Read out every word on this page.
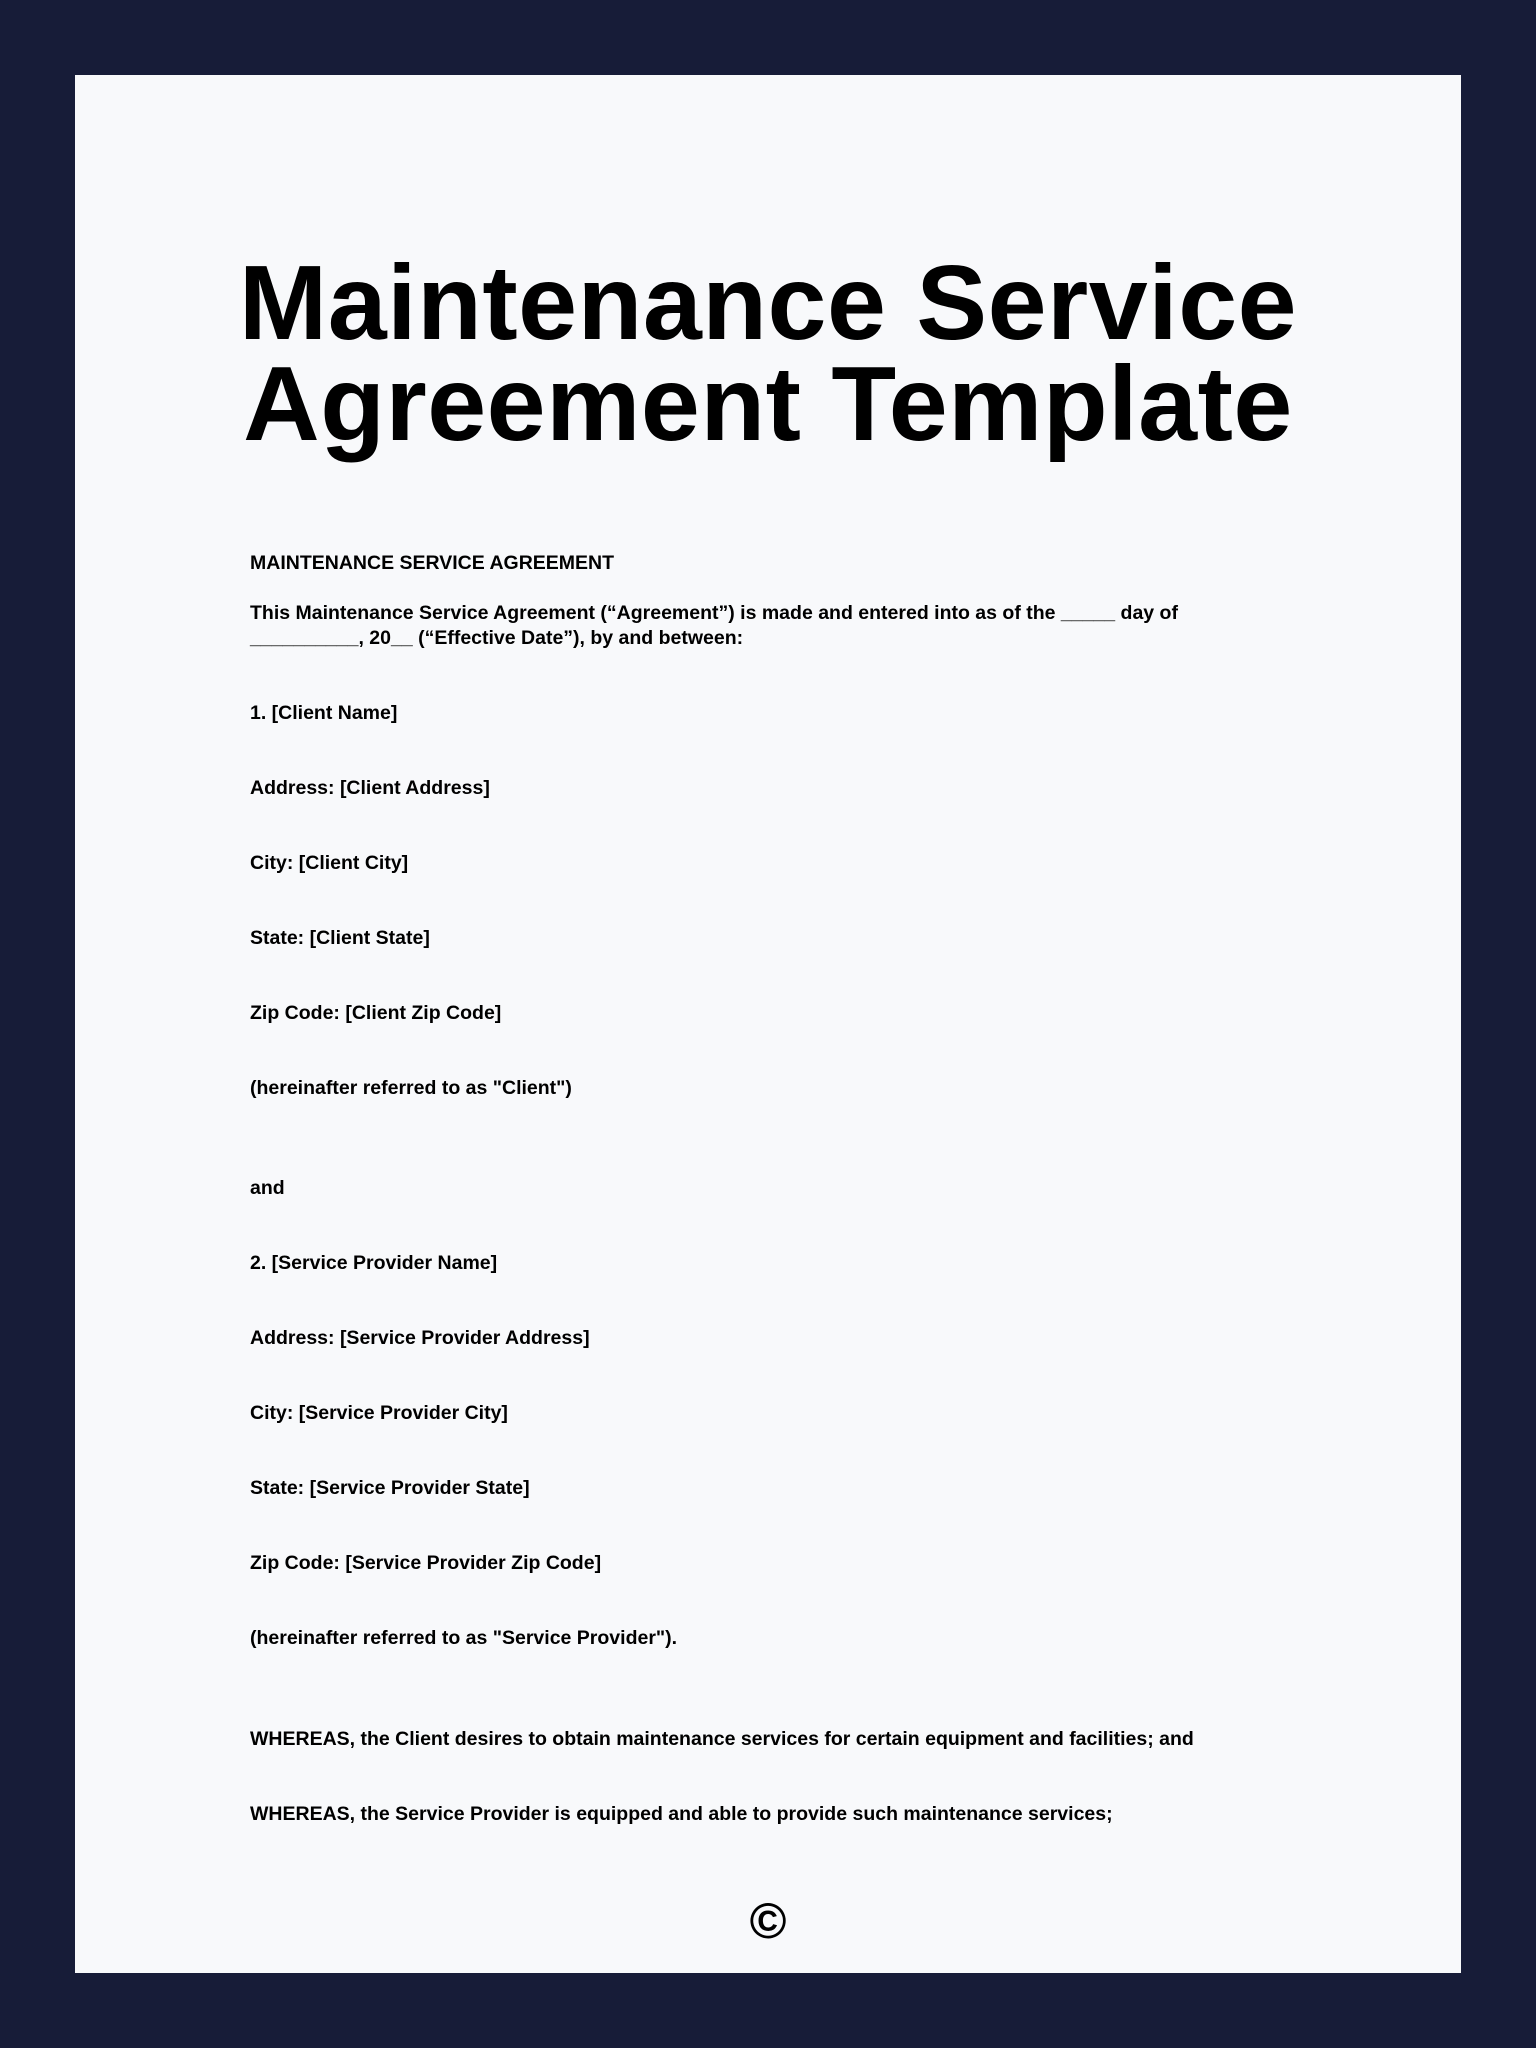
Maintenance Service
Agreement Template

MAINTENANCE SERVICE AGREEMENT

This Maintenance Service Agreement (“Agreement”) is made and entered into as of the _____ day of

__________, 20__ (“Effective Date”), by and between:

1. [Client Name]

Address: [Client Address]

City: [Client City]

State: [Client State]

Zip Code: [Client Zip Code]

(hereinafter referred to as "Client")

and

2. [Service Provider Name]

Address: [Service Provider Address]

City: [Service Provider City]

State: [Service Provider State]

Zip Code: [Service Provider Zip Code]

(hereinafter referred to as "Service Provider").

WHEREAS, the Client desires to obtain maintenance services for certain equipment and facilities; and

WHEREAS, the Service Provider is equipped and able to provide such maintenance services;

©
